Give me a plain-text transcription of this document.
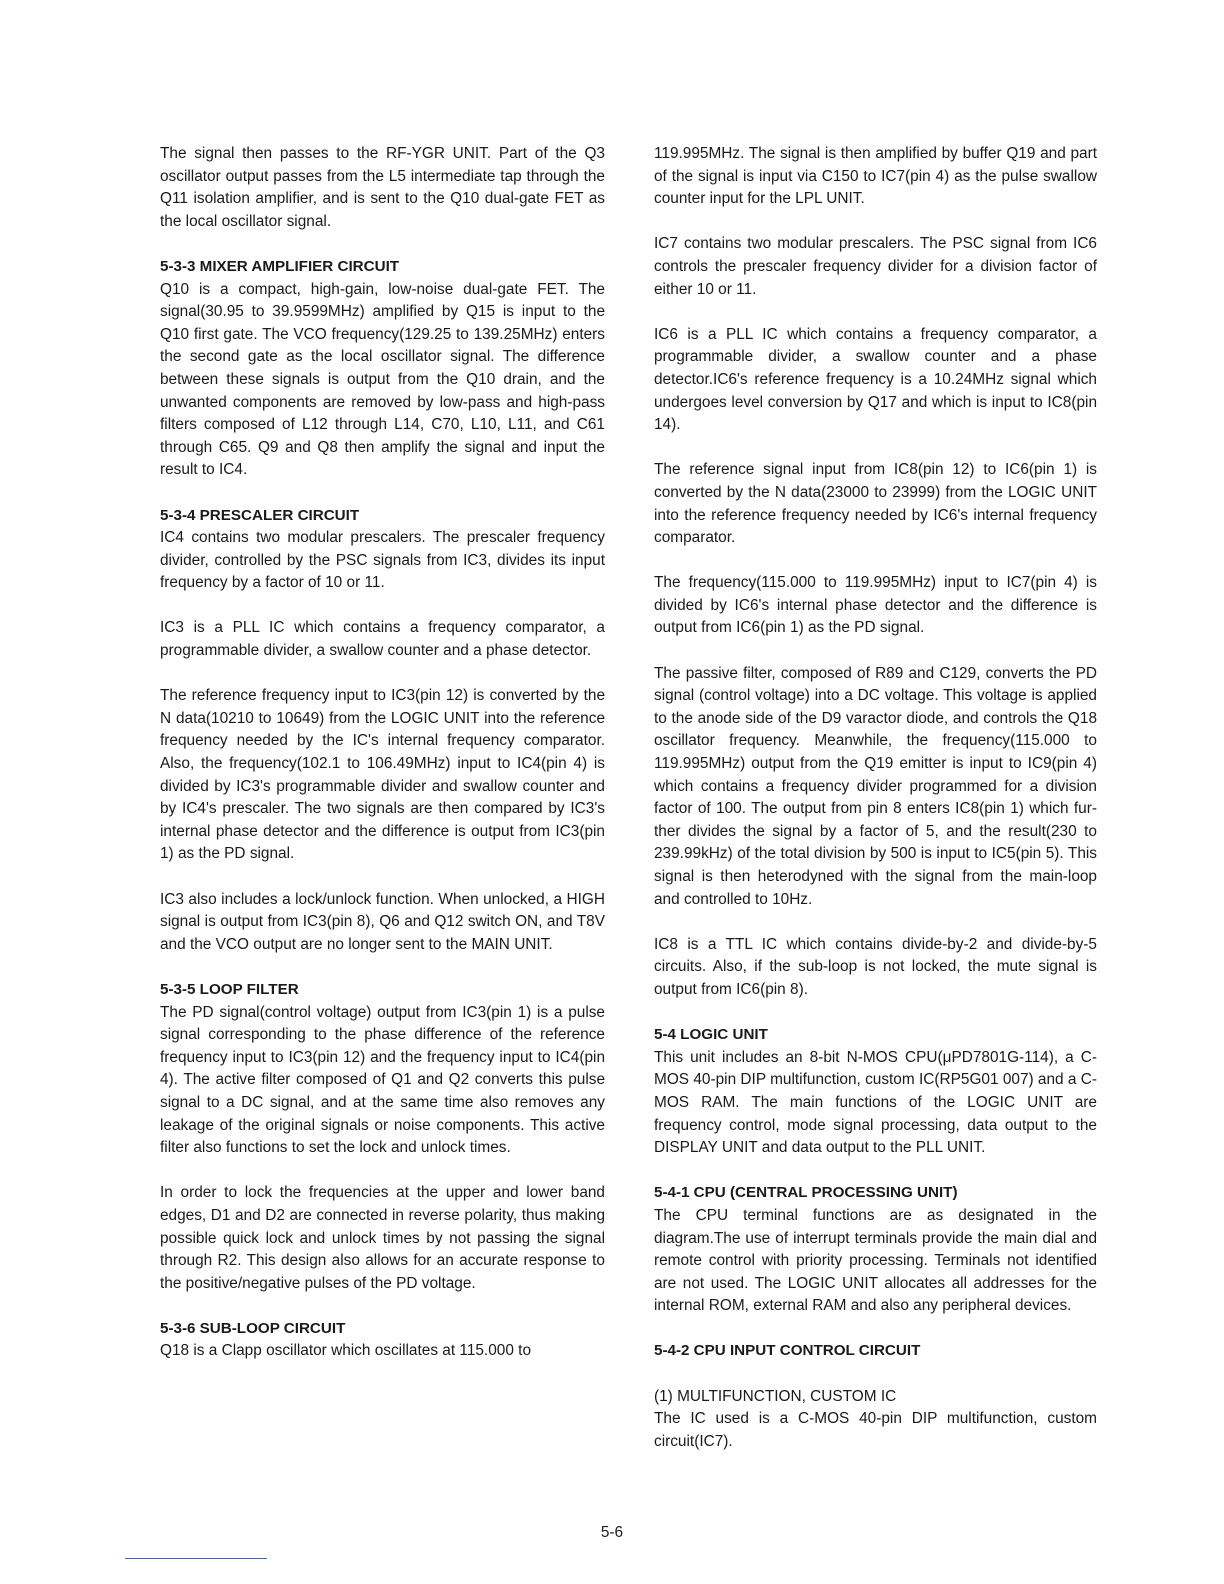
The signal then passes to the RF-YGR UNIT. Part of the Q3 oscillator output passes from the L5 intermediate tap through the Q11 isolation amplifier, and is sent to the Q10 dual-gate FET as the local oscillator signal.

5-3-3 MIXER AMPLIFIER CIRCUIT

Q10 is a compact, high-gain, low-noise dual-gate FET. The signal(30.95 to 39.9599MHz) amplified by Q15 is input to the Q10 first gate. The VCO frequency(129.25 to 139.25MHz) enters the second gate as the local oscillator signal. The difference between these signals is output from the Q10 drain, and the unwanted components are removed by low-pass and high-pass filters composed of L12 through L14, C70, L10, L11, and C61 through C65. Q9 and Q8 then amplify the signal and input the result to IC4.

5-3-4 PRESCALER CIRCUIT

IC4 contains two modular prescalers. The prescaler frequency divider, controlled by the PSC signals from IC3, divides its input frequency by a factor of 10 or 11.

IC3 is a PLL IC which contains a frequency comparator, a programmable divider, a swallow counter and a phase detector.

The reference frequency input to IC3(pin 12) is converted by the N data(10210 to 10649) from the LOGIC UNIT into the reference frequency needed by the IC's internal frequency comparator. Also, the frequency(102.1 to 106.49MHz) input to IC4(pin 4) is divided by IC3's programmable divider and swallow counter and by IC4's prescaler. The two signals are then compared by IC3's internal phase detector and the difference is output from IC3(pin 1) as the PD signal.

IC3 also includes a lock/unlock function. When unlocked, a HIGH signal is output from IC3(pin 8), Q6 and Q12 switch ON, and T8V and the VCO output are no longer sent to the MAIN UNIT.

5-3-5 LOOP FILTER

The PD signal(control voltage) output from IC3(pin 1) is a pulse signal corresponding to the phase difference of the reference frequency input to IC3(pin 12) and the frequency input to IC4(pin 4). The active filter composed of Q1 and Q2 converts this pulse signal to a DC signal, and at the same time also removes any leakage of the original signals or noise components. This active filter also functions to set the lock and unlock times.

In order to lock the frequencies at the upper and lower band edges, D1 and D2 are connected in reverse polarity, thus making possible quick lock and unlock times by not passing the signal through R2. This design also allows for an accurate response to the positive/negative pulses of the PD voltage.

5-3-6 SUB-LOOP CIRCUIT

Q18 is a Clapp oscillator which oscillates at 115.000 to

119.995MHz. The signal is then amplified by buffer Q19 and part of the signal is input via C150 to IC7(pin 4) as the pulse swallow counter input for the LPL UNIT.

IC7 contains two modular prescalers. The PSC signal from IC6 controls the prescaler frequency divider for a division factor of either 10 or 11.

IC6 is a PLL IC which contains a frequency comparator, a programmable divider, a swallow counter and a phase detector.IC6's reference frequency is a 10.24MHz signal which undergoes level conversion by Q17 and which is input to IC8(pin 14).

The reference signal input from IC8(pin 12) to IC6(pin 1) is converted by the N data(23000 to 23999) from the LOGIC UNIT into the reference frequency needed by IC6's internal frequency comparator.

The frequency(115.000 to 119.995MHz) input to IC7(pin 4) is divided by IC6's internal phase detector and the difference is output from IC6(pin 1) as the PD signal.

The passive filter, composed of R89 and C129, converts the PD signal (control voltage) into a DC voltage. This voltage is applied to the anode side of the D9 varactor diode, and controls the Q18 oscillator frequency. Meanwhile, the frequency(115.000 to 119.995MHz) output from the Q19 emitter is input to IC9(pin 4) which contains a frequency divider programmed for a division factor of 100. The output from pin 8 enters IC8(pin 1) which further divides the signal by a factor of 5, and the result(230 to 239.99kHz) of the total division by 500 is input to IC5(pin 5). This signal is then heterodyned with the signal from the main-loop and controlled to 10Hz.

IC8 is a TTL IC which contains divide-by-2 and divide-by-5 circuits. Also, if the sub-loop is not locked, the mute signal is output from IC6(pin 8).

5-4 LOGIC UNIT

This unit includes an 8-bit N-MOS CPU(μPD7801G-114), a C-MOS 40-pin DIP multifunction, custom IC(RP5G01 007) and a C-MOS RAM. The main functions of the LOGIC UNIT are frequency control, mode signal processing, data output to the DISPLAY UNIT and data output to the PLL UNIT.

5-4-1 CPU (CENTRAL PROCESSING UNIT)

The CPU terminal functions are as designated in the diagram.The use of interrupt terminals provide the main dial and remote control with priority processing. Terminals not identified are not used. The LOGIC UNIT allocates all addresses for the internal ROM, external RAM and also any peripheral devices.

5-4-2 CPU INPUT CONTROL CIRCUIT

(1) MULTIFUNCTION, CUSTOM IC

The IC used is a C-MOS 40-pin DIP multifunction, custom circuit(IC7).

5-6
